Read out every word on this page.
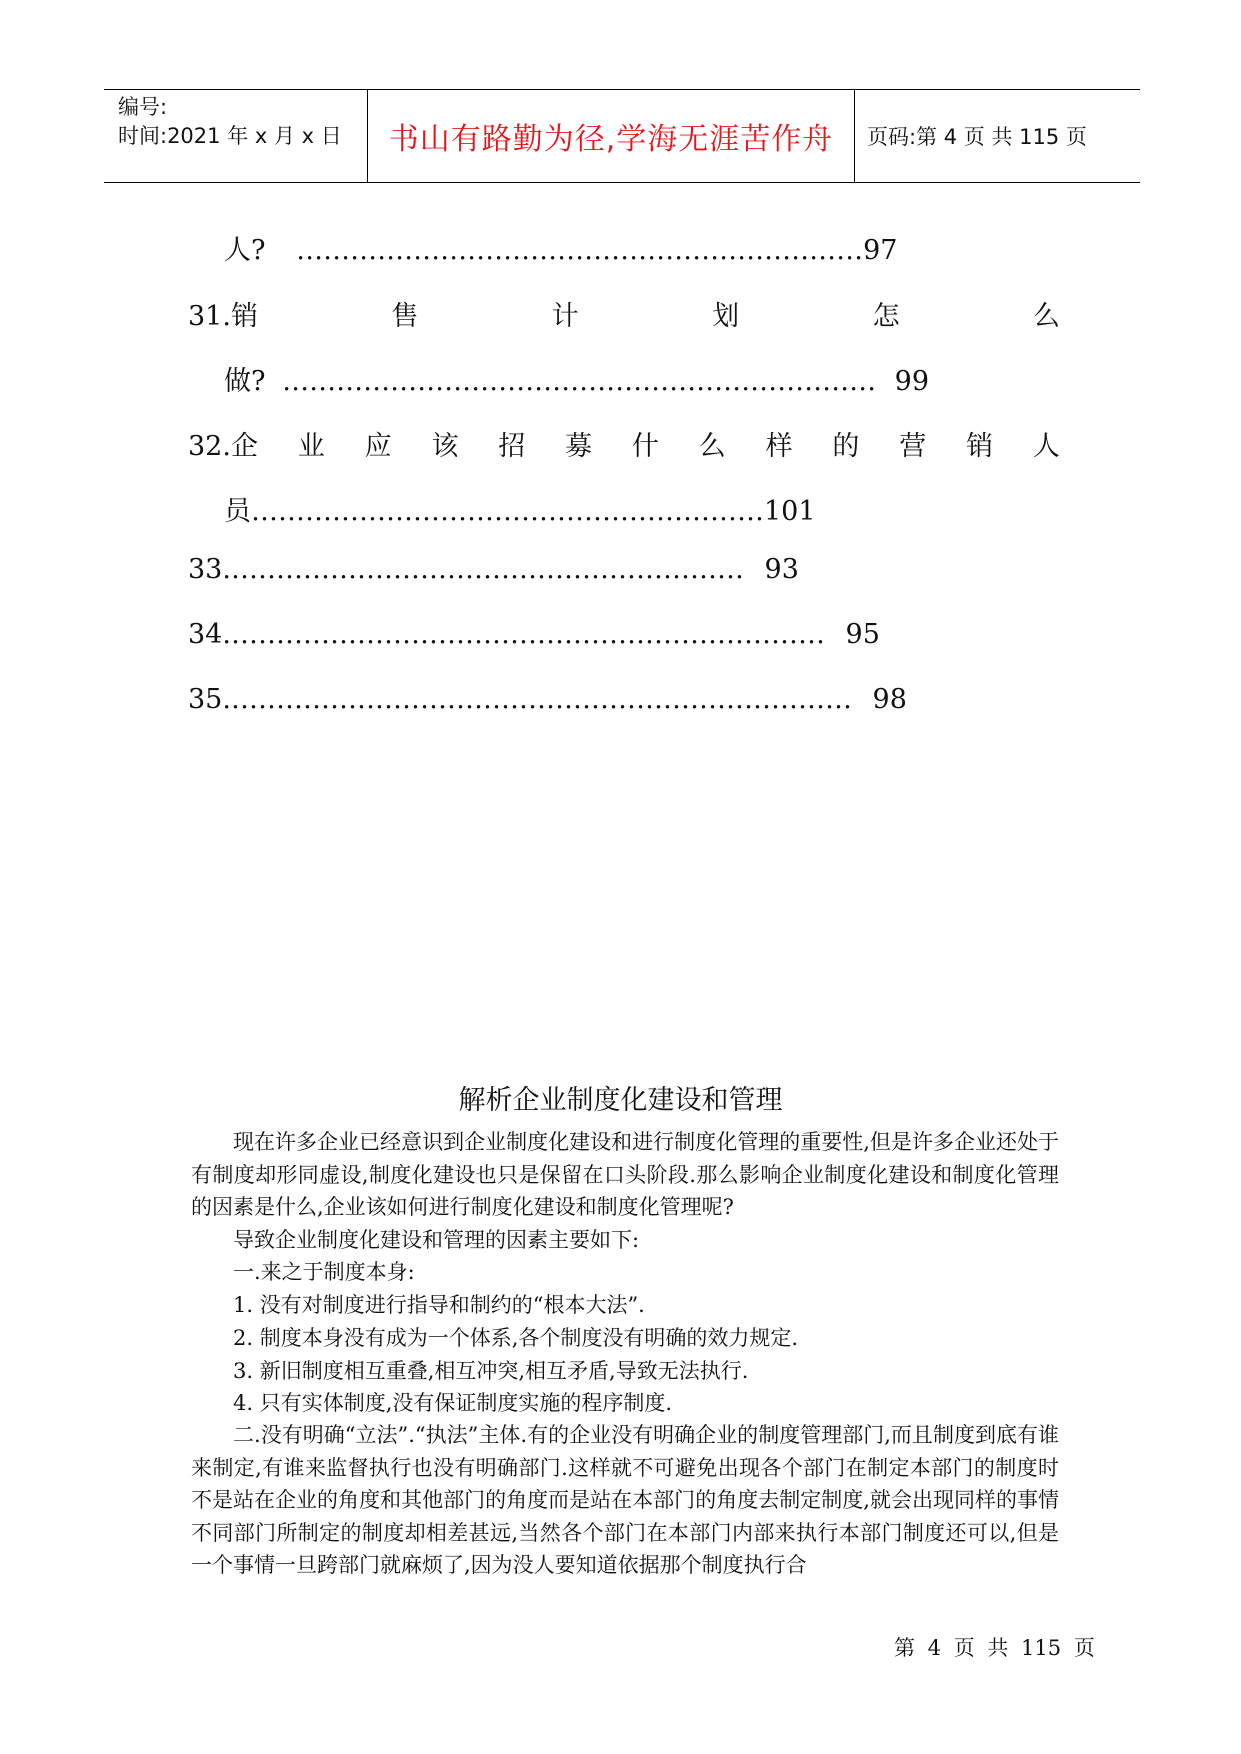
编号:
时间:2021 年 x 月 x 日	书山有路勤为径,学海无涯苦作舟	页码:第 4 页 共 115 页
人? ………………………………………………………97
31.销	售	计	划	怎	么
做? ………………………………………………………… 99
32.企 业 应 该 招 募 什 么 样 的 营 销 人
员…………………………………………………101
33.………………………………………………… 93
34.………………………………………………………… 95
35.…………………………………………………………… 98
解析企业制度化建设和管理
现在许多企业已经意识到企业制度化建设和进行制度化管理的重要性,但是许多企业还处于有制度却形同虚设,制度化建设也只是保留在口头阶段.那么影响企业制度化建设和制度化管理的因素是什么,企业该如何进行制度化建设和制度化管理呢?
导致企业制度化建设和管理的因素主要如下:
一.来之于制度本身:
1. 没有对制度进行指导和制约的“根本大法”.
2. 制度本身没有成为一个体系,各个制度没有明确的效力规定.
3. 新旧制度相互重叠,相互冲突,相互矛盾,导致无法执行.
4. 只有实体制度,没有保证制度实施的程序制度.
二.没有明确“立法”.“执法”主体.有的企业没有明确企业的制度管理部门,而且制度到底有谁来制定,有谁来监督执行也没有明确部门.这样就不可避免出现各个部门在制定本部门的制度时不是站在企业的角度和其他部门的角度而是站在本部门的角度去制定制度,就会出现同样的事情不同部门所制定的制度却相差甚远,当然各个部门在本部门内部来执行本部门制度还可以,但是一个事情一旦跨部门就麻烦了,因为没人要知道依据那个制度执行合
第 4 页 共 115 页
